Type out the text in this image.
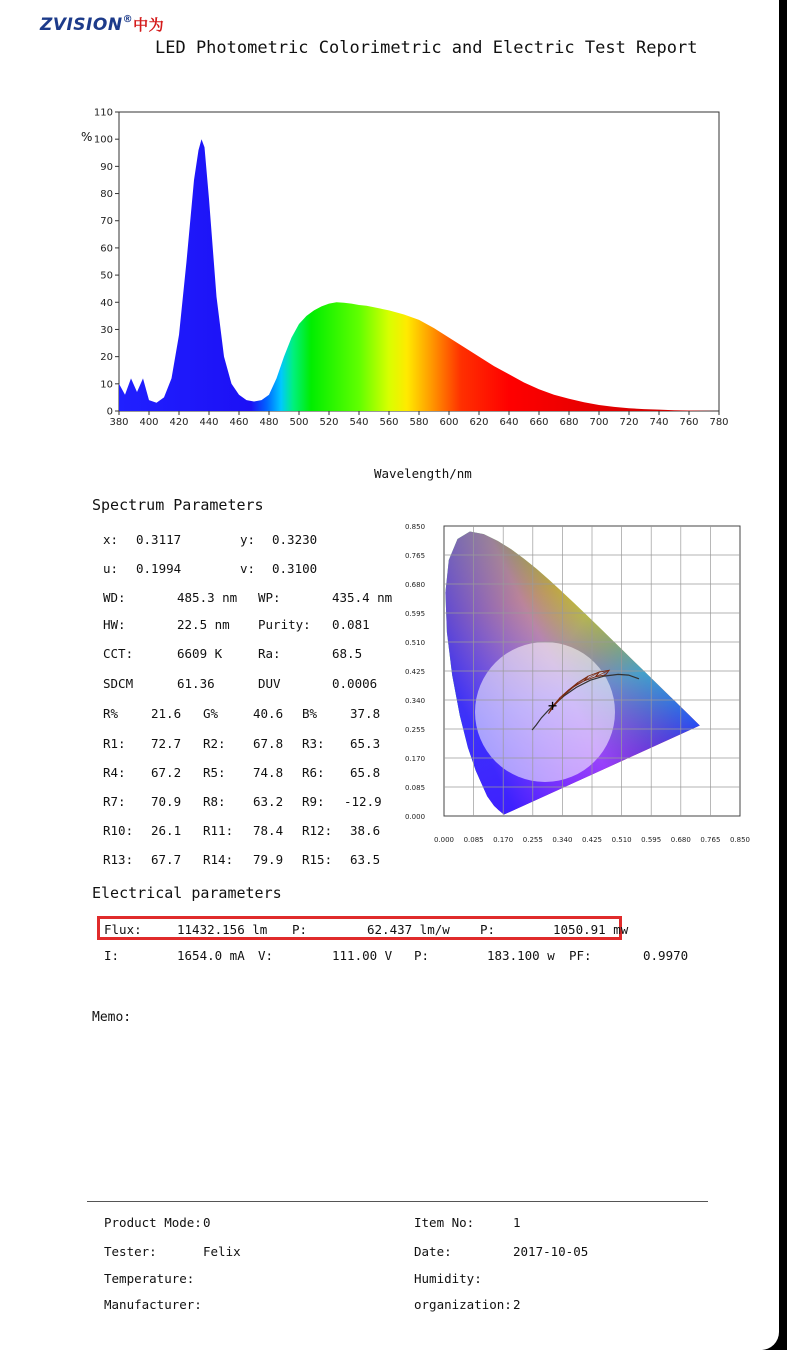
ZVISION®中为
LED Photometric Colorimetric and Electric Test Report
0
10
20
30
40
50
60
70
80
90
100
110
380 400 420 440 460 480 500 520 540 560 580 600 620 640 660 680 700 720 740 760 780
%
Wavelength/nm
Spectrum Parameters
x: 0.3117	y: 0.3230
u: 0.1994	v: 0.3100
WD:	485.3 nm WP:	435.4 nm
HW:	22.5 nm Purity: 0.081
CCT:	6609 K	Ra:	68.5
SDCM	61.36	DUV	0.0006
R%	21.6 G%	40.6 B%	37.8
R1: 72.7 R2: 67.8 R3: 65.3
R4: 67.2 R5: 74.8 R6: 65.8
R7: 70.9 R8: 63.2 R9: -12.9
R10: 26.1 R11: 78.4 R12: 38.6
R13: 67.7 R14: 79.9 R15: 63.5
0.000
0.085
0.170
0.255
0.340
0.425
0.510
0.595
0.680
0.765
0.850
0.000 0.085 0.170 0.255 0.340 0.425 0.510 0.595 0.680 0.765 0.850
Electrical parameters
Flux:	11432.156 lm P:	62.437 lm/w P:	1050.91 mw
I:	1654.0 mA V:	111.00 V P:	183.100 w PF:	0.9970
Memo:
Product Mode: 0	Item No:	1
Tester:	Felix	Date:	2017-10-05
Temperature:	Humidity:
Manufacturer:	organization: 2
